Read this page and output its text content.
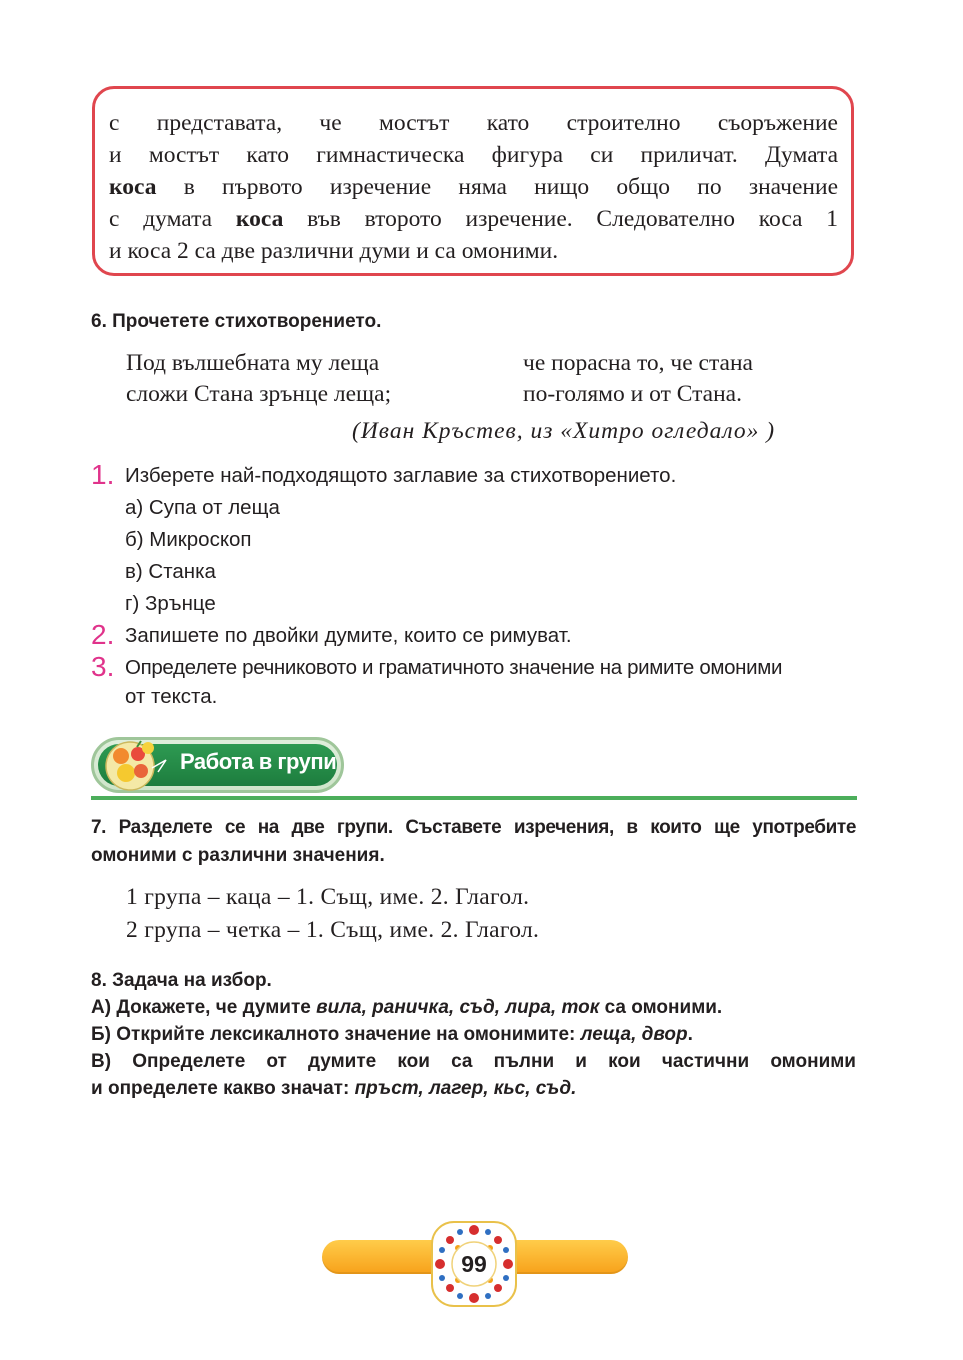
с представата, че мостът като строително съоръжение
и мостът като гимнастическа фигура си приличат. Думата
коса в първото изречение няма нищо общо по значение
с думата коса във второто изречение. Следователно коса 1
и коса 2 са две различни думи и са омоними.
6. Прочетете стихотворението.
Под вълшебната му леща
сложи Стана зрънце леща;
че порасна то, че стана
по-голямо и от Стана.
(Иван Кръстев, из «Хитро огледало» )
1. Изберете най-подходящото заглавие за стихотворението.
а) Супа от леща
б) Микроскоп
в) Станка
г) Зрънце
2. Запишете по двойки думите, които се римуват.
3. Определете речниковото и граматичното значение на римите омоними
от текста.
Работа в групи
7. Разделете се на две групи. Съставете изречения, в които ще употребите
омоними с различни значения.
1 група – каца – 1. Същ, име. 2. Глагол.
2 група – четка – 1. Същ, име. 2. Глагол.
8. Задача на избор.
А) Докажете, че думите вила, раничка, съд, лира, ток са омоними.
Б) Открийте лексикалното значение на омонимите: леща, двор.
В) Определете от думите кои са пълни и кои частични омоними
и определете какво значат: пръст, лагер, кьс, съд.
99
